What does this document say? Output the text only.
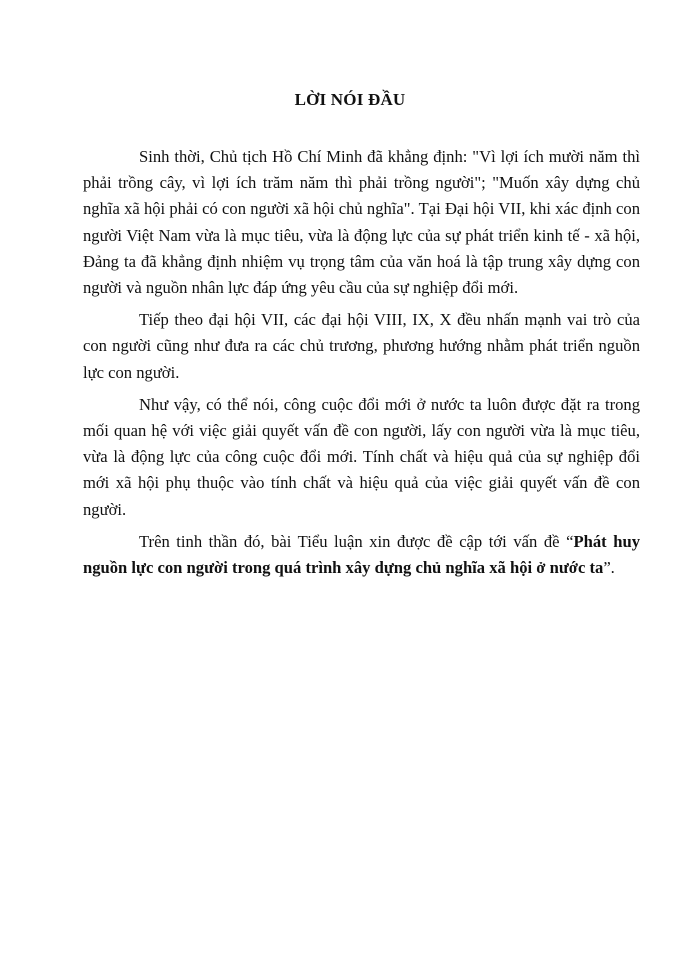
LỜI NÓI ĐẦU

Sinh thời, Chủ tịch Hồ Chí Minh đã khẳng định: "Vì lợi ích mười năm thì phải trồng cây, vì lợi ích trăm năm thì phải trồng người"; "Muốn xây dựng chủ nghĩa xã hội phải có con người xã hội chủ nghĩa". Tại Đại hội VII, khi xác định con người Việt Nam vừa là mục tiêu, vừa là động lực của sự phát triển kinh tế - xã hội, Đảng ta đã khẳng định nhiệm vụ trọng tâm của văn hoá là tập trung xây dựng con người và nguồn nhân lực đáp ứng yêu cầu của sự nghiệp đổi mới.

Tiếp theo đại hội VII, các đại hội VIII, IX, X đều nhấn mạnh vai trò của con người cũng như đưa ra các chủ trương, phương hướng nhằm phát triển nguồn lực con người.

Như vậy, có thể nói, công cuộc đổi mới ở nước ta luôn được đặt ra trong mối quan hệ với việc giải quyết vấn đề con người, lấy con người vừa là mục tiêu, vừa là động lực của công cuộc đổi mới. Tính chất và hiệu quả của sự nghiệp đổi mới xã hội phụ thuộc vào tính chất và hiệu quả của việc giải quyết vấn đề con người.

Trên tinh thần đó, bài Tiểu luận xin được đề cập tới vấn đề “Phát huy nguồn lực con người trong quá trình xây dựng chủ nghĩa xã hội ở nước ta”.
